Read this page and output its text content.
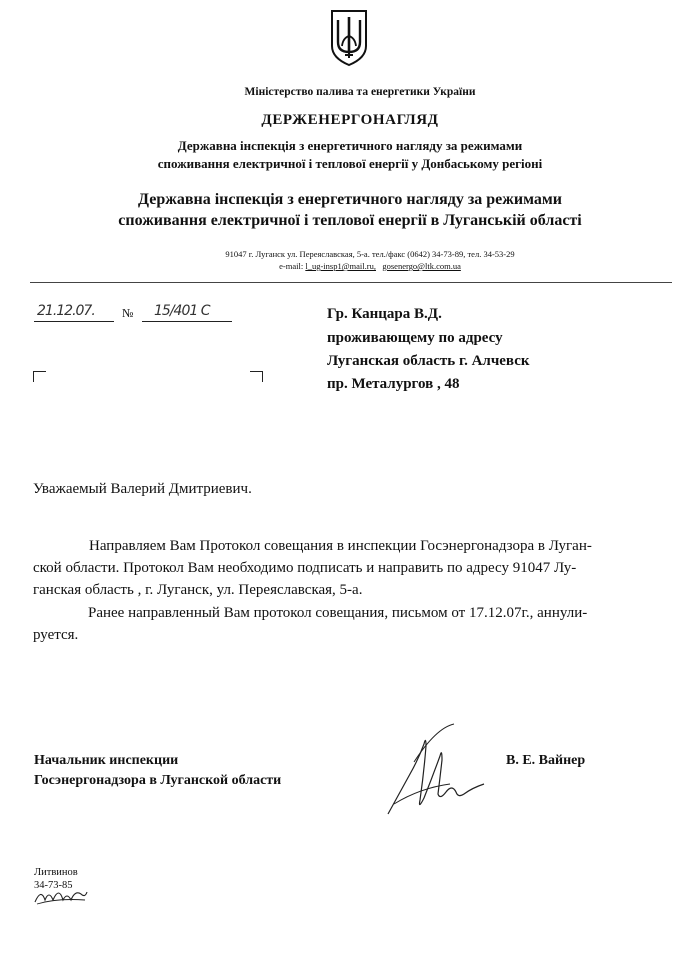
Міністерство палива та енергетики України
ДЕРЖЕНЕРГОНАГЛЯД
Державна інспекція з енергетичного нагляду за режимами
споживання електричної і теплової енергії у Донбаському регіоні
Державна інспекція з енергетичного нагляду за режимами
споживання електричної і теплової енергії в Луганській області
91047 г. Луганск ул. Переяславская, 5-а. тел./факс (0642) 34-73-89, тел. 34-53-29
e-mail: l_ug-insp1@mail.ru, gosenergo@ltk.com.ua
21.12.07. № 15/401 С	Гр. Канцара В.Д.
проживающему по адресу
Луганская область г. Алчевск
пр. Металургов , 48
Уважаемый Валерий Дмитриевич.
Направляем Вам Протокол совещания в инспекции Госэнергонадзора в Луган-
ской области. Протокол Вам необходимо подписать и направить по адресу 91047 Лу-
ганская область , г. Луганск, ул. Переяславская, 5-а.
Ранее направленный Вам протокол совещания, письмом от 17.12.07г., аннули-
руется.
Начальник инспекции
Госэнергонадзора в Луганской области
В. Е. Вайнер
Литвинов
34-73-85
